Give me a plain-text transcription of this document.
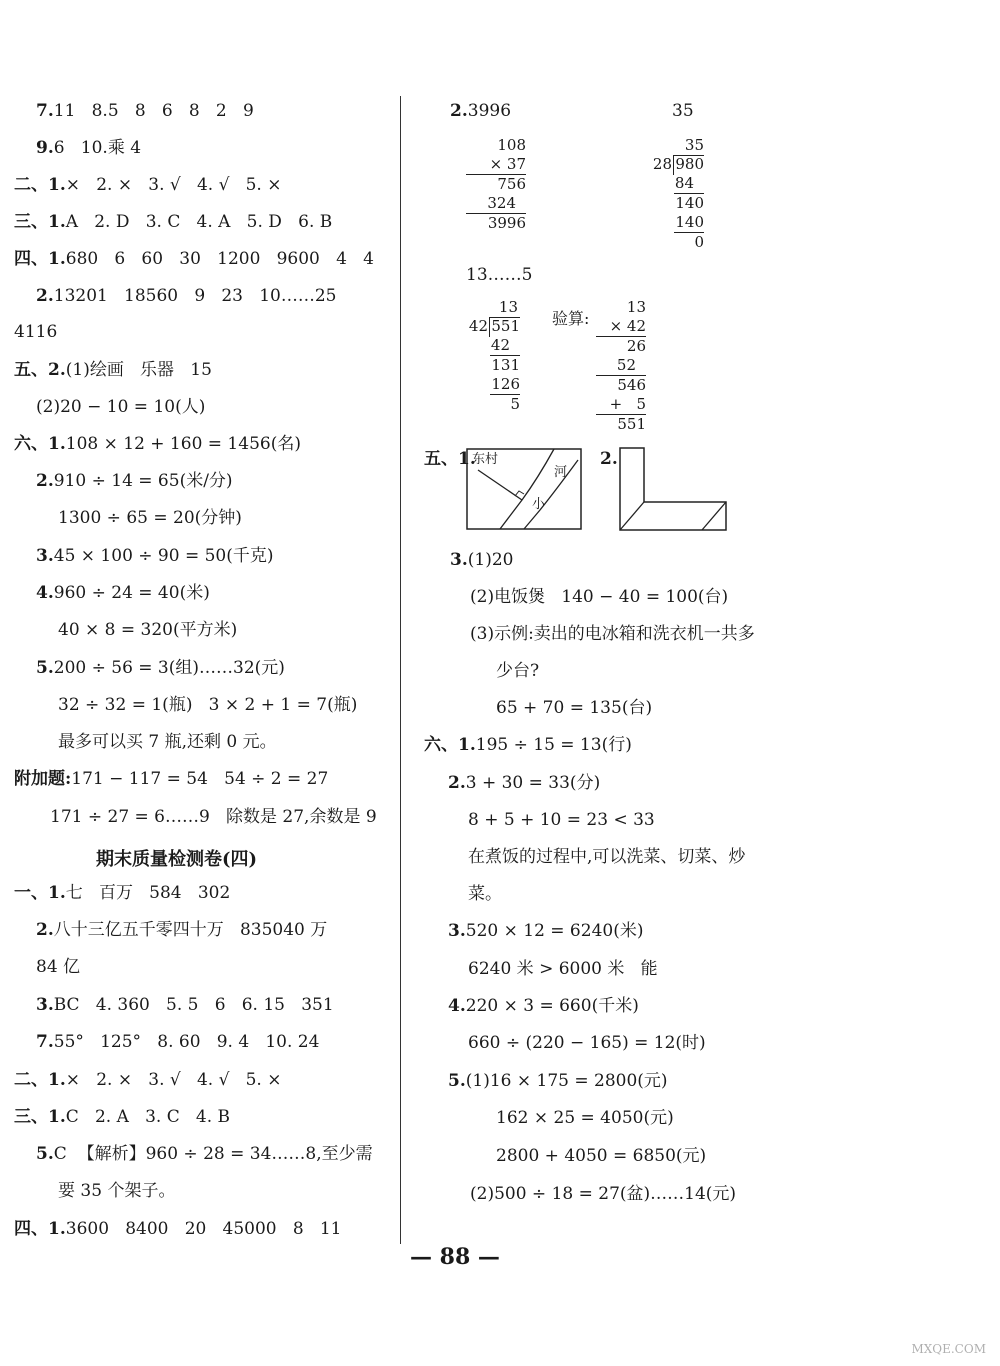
7.11   8.5   8   6   8   2   9
9.6   10.乘 4
二、1.×   2. ×   3. √   4. √   5. ×
三、1.A   2. D   3. C   4. A   5. D   6. B
四、1.680   6   60   30   1200   9600   4   4
2.13201   18560   9   23   10……25
4116
五、2.(1)绘画   乐器   15
(2)20 − 10 = 10(人)
六、1.108 × 12 + 160 = 1456(名)
2.910 ÷ 14 = 65(米/分)
1300 ÷ 65 = 20(分钟)
3.45 × 100 ÷ 90 = 50(千克)
4.960 ÷ 24 = 40(米)
40 × 8 = 320(平方米)
5.200 ÷ 56 = 3(组)……32(元)
32 ÷ 32 = 1(瓶)   3 × 2 + 1 = 7(瓶)
最多可以买 7 瓶,还剩 0 元。
附加题:171 − 117 = 54   54 ÷ 2 = 27
171 ÷ 27 = 6……9   除数是 27,余数是 9
期末质量检测卷(四)
一、1.七   百万   584   302
2.八十三亿五千零四十万   835040 万
84 亿
3.BC   4. 360   5. 5   6   6. 15   351
7.55°   125°   8. 60   9. 4   10. 24
二、1.×   2. ×   3. √   4. √   5. ×
三、1.C   2. A   3. C   4. B
5.C  【解析】960 ÷ 28 = 34……8,至少需
要 35 个架子。
四、1.3600   8400   20   45000   8   11
2.3996	35
108
× 37
756
324
3996
35
28 980
84
140
140
0
13……5
13
42 551
42
131
126
5
验算:
13
× 42
26
52
546
+   5
551
五、1.
东村
河
小
2.
3.(1)20
(2)电饭煲   140 − 40 = 100(台)
(3)示例:卖出的电冰箱和洗衣机一共多
少台?
65 + 70 = 135(台)
六、1.195 ÷ 15 = 13(行)
2.3 + 30 = 33(分)
8 + 5 + 10 = 23 < 33
在煮饭的过程中,可以洗菜、切菜、炒
菜。
3.520 × 12 = 6240(米)
6240 米 > 6000 米   能
4.220 × 3 = 660(千米)
660 ÷ (220 − 165) = 12(时)
5.(1)16 × 175 = 2800(元)
162 × 25 = 4050(元)
2800 + 4050 = 6850(元)
(2)500 ÷ 18 = 27(盆)……14(元)
— 88 —
MXQE.COM
